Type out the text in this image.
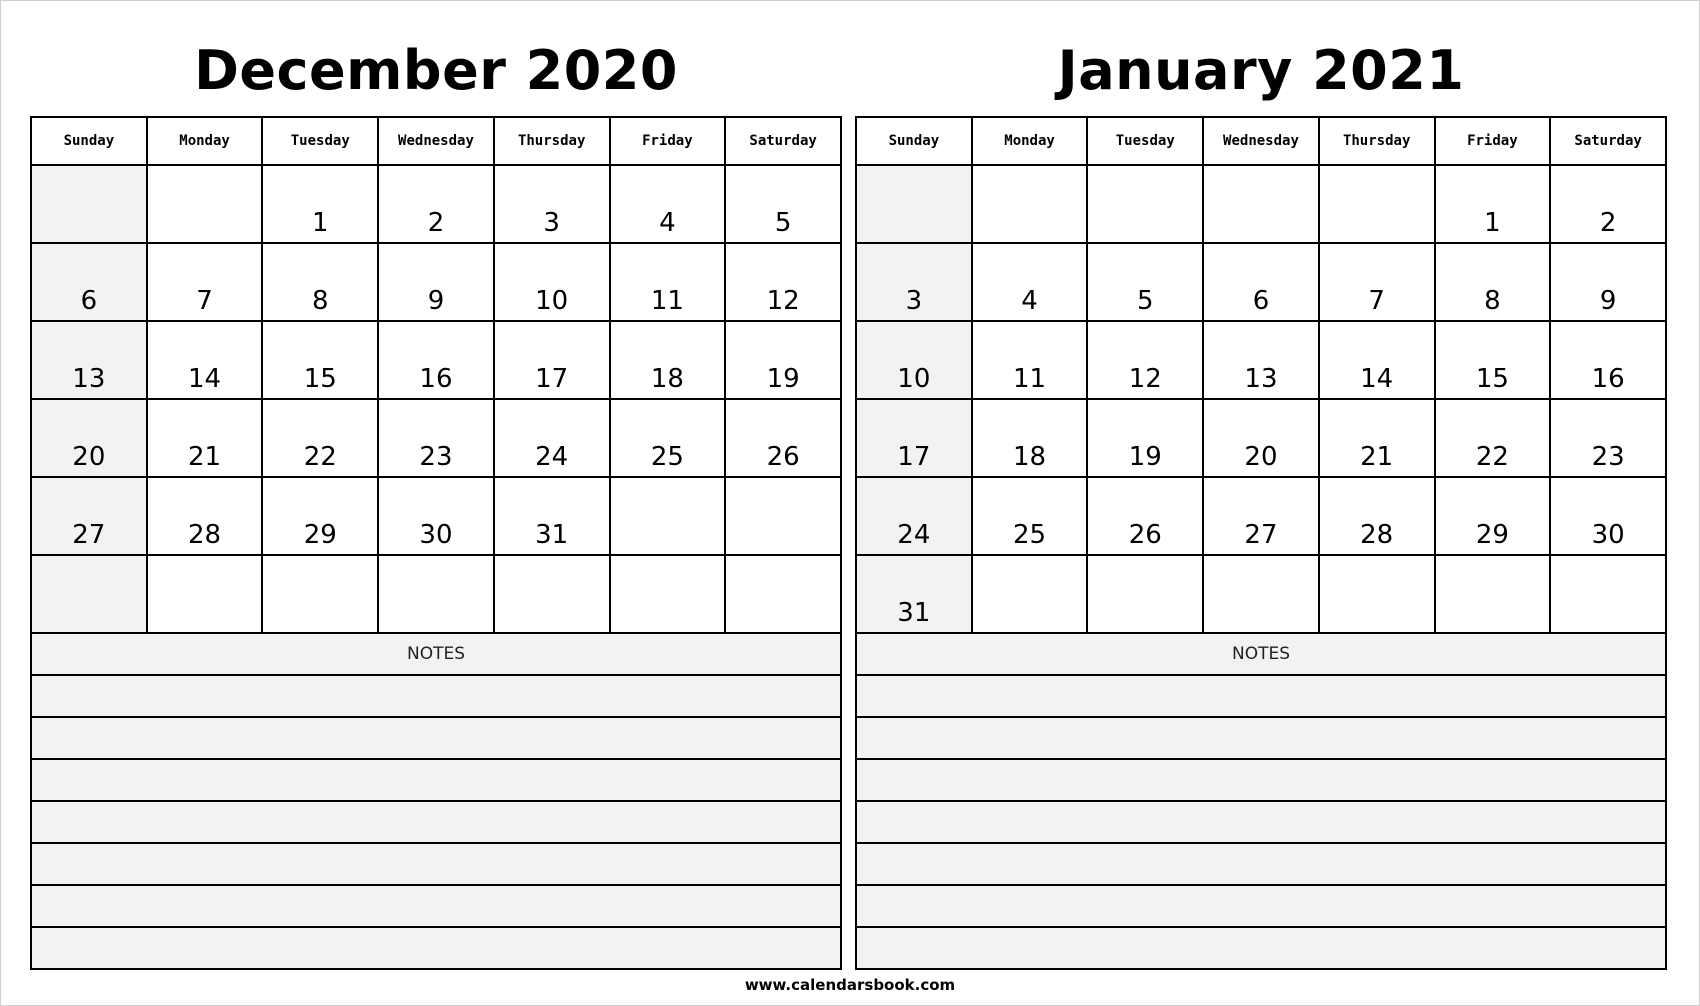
December 2020
Sunday	Monday	Tuesday	Wednesday	Thursday	Friday	Saturday

		1	2	3	4	5

6	7	8	9	10	11	12

13	14	15	16	17	18	19

20	21	22	23	24	25	26

27	28	29	30	31		

NOTES

January 2021
Sunday	Monday	Tuesday	Wednesday	Thursday	Friday	Saturday

					1	2

3	4	5	6	7	8	9

10	11	12	13	14	15	16

17	18	19	20	21	22	23

24	25	26	27	28	29	30

31						

NOTES

www.calendarsbook.com
